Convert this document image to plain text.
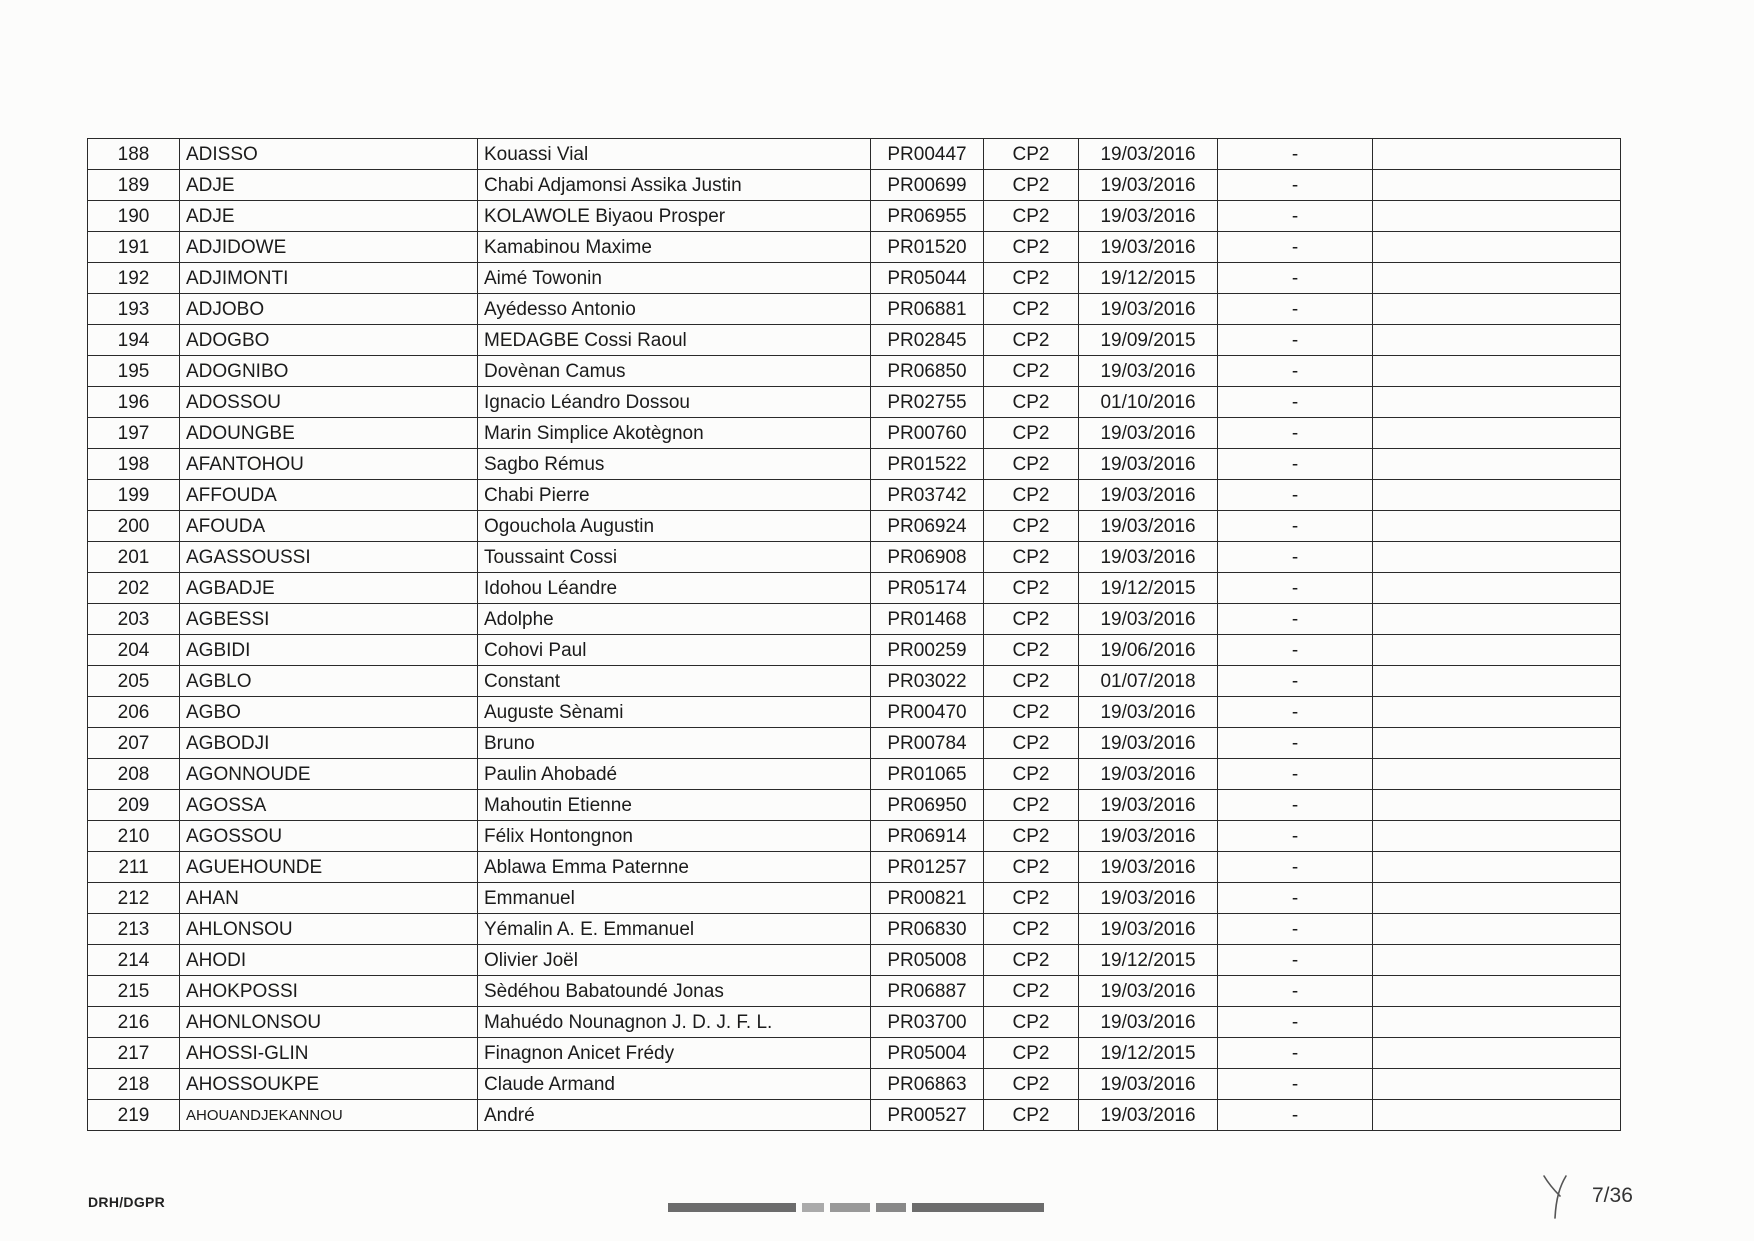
188	ADISSO	Kouassi Vial	PR00447	CP2	19/03/2016	-	
189	ADJE	Chabi Adjamonsi Assika Justin	PR00699	CP2	19/03/2016	-	
190	ADJE	KOLAWOLE Biyaou Prosper	PR06955	CP2	19/03/2016	-	
191	ADJIDOWE	Kamabinou Maxime	PR01520	CP2	19/03/2016	-	
192	ADJIMONTI	Aimé Towonin	PR05044	CP2	19/12/2015	-	
193	ADJOBO	Ayédesso Antonio	PR06881	CP2	19/03/2016	-	
194	ADOGBO	MEDAGBE Cossi Raoul	PR02845	CP2	19/09/2015	-	
195	ADOGNIBO	Dovènan Camus	PR06850	CP2	19/03/2016	-	
196	ADOSSOU	Ignacio Léandro Dossou	PR02755	CP2	01/10/2016	-	
197	ADOUNGBE	Marin Simplice Akotègnon	PR00760	CP2	19/03/2016	-	
198	AFANTOHOU	Sagbo Rémus	PR01522	CP2	19/03/2016	-	
199	AFFOUDA	Chabi Pierre	PR03742	CP2	19/03/2016	-	
200	AFOUDA	Ogouchola Augustin	PR06924	CP2	19/03/2016	-	
201	AGASSOUSSI	Toussaint Cossi	PR06908	CP2	19/03/2016	-	
202	AGBADJE	Idohou Léandre	PR05174	CP2	19/12/2015	-	
203	AGBESSI	Adolphe	PR01468	CP2	19/03/2016	-	
204	AGBIDI	Cohovi Paul	PR00259	CP2	19/06/2016	-	
205	AGBLO	Constant	PR03022	CP2	01/07/2018	-	
206	AGBO	Auguste Sènami	PR00470	CP2	19/03/2016	-	
207	AGBODJI	Bruno	PR00784	CP2	19/03/2016	-	
208	AGONNOUDE	Paulin Ahobadé	PR01065	CP2	19/03/2016	-	
209	AGOSSA	Mahoutin Etienne	PR06950	CP2	19/03/2016	-	
210	AGOSSOU	Félix Hontongnon	PR06914	CP2	19/03/2016	-	
211	AGUEHOUNDE	Ablawa Emma Paternne	PR01257	CP2	19/03/2016	-	
212	AHAN	Emmanuel	PR00821	CP2	19/03/2016	-	
213	AHLONSOU	Yémalin A. E. Emmanuel	PR06830	CP2	19/03/2016	-	
214	AHODI	Olivier Joël	PR05008	CP2	19/12/2015	-	
215	AHOKPOSSI	Sèdéhou Babatoundé Jonas	PR06887	CP2	19/03/2016	-	
216	AHONLONSOU	Mahuédo Nounagnon J. D. J. F. L.	PR03700	CP2	19/03/2016	-	
217	AHOSSI-GLIN	Finagnon Anicet Frédy	PR05004	CP2	19/12/2015	-	
218	AHOSSOUKPE	Claude Armand	PR06863	CP2	19/03/2016	-	
219	AHOUANDJEKANNOU	André	PR00527	CP2	19/03/2016	-	
DRH/DGPR	7/36
